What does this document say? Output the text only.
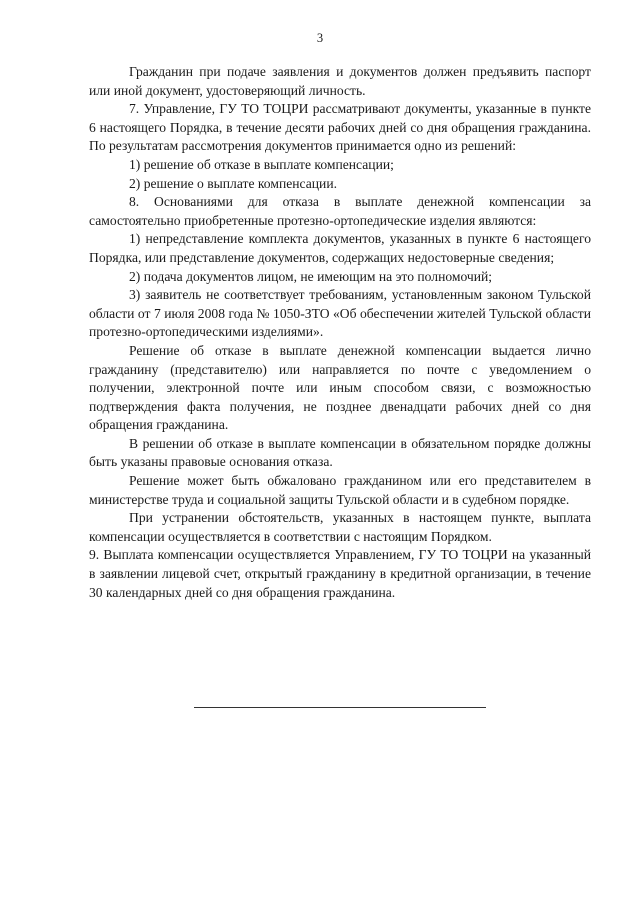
3

Гражданин при подаче заявления и документов должен предъявить паспорт или иной документ, удостоверяющий личность.

7. Управление, ГУ ТО ТОЦРИ рассматривают документы, указанные в пункте 6 настоящего Порядка, в течение десяти рабочих дней со дня обращения гражданина. По результатам рассмотрения документов принимается одно из решений:

1) решение об отказе в выплате компенсации;

2) решение о выплате компенсации.

8. Основаниями для отказа в выплате денежной компенсации за самостоятельно приобретенные протезно-ортопедические изделия являются:

1) непредставление комплекта документов, указанных в пункте 6 настоящего Порядка, или представление документов, содержащих недостоверные сведения;

2) подача документов лицом, не имеющим на это полномочий;

3) заявитель не соответствует требованиям, установленным законом Тульской области от 7 июля 2008 года № 1050-ЗТО «Об обеспечении жителей Тульской области протезно-ортопедическими изделиями».

Решение об отказе в выплате денежной компенсации выдается лично гражданину (представителю) или направляется по почте с уведомлением о получении, электронной почте или иным способом связи, с возможностью подтверждения факта получения, не позднее двенадцати рабочих дней со дня обращения гражданина.

В решении об отказе в выплате компенсации в обязательном порядке должны быть указаны правовые основания отказа.

Решение может быть обжаловано гражданином или его представителем в министерстве труда и социальной защиты Тульской области и в судебном порядке.

При устранении обстоятельств, указанных в настоящем пункте, выплата компенсации осуществляется в соответствии с настоящим Порядком.

9. Выплата компенсации осуществляется Управлением, ГУ ТО ТОЦРИ на указанный в заявлении лицевой счет, открытый гражданину в кредитной организации, в течение 30 календарных дней со дня обращения гражданина.
